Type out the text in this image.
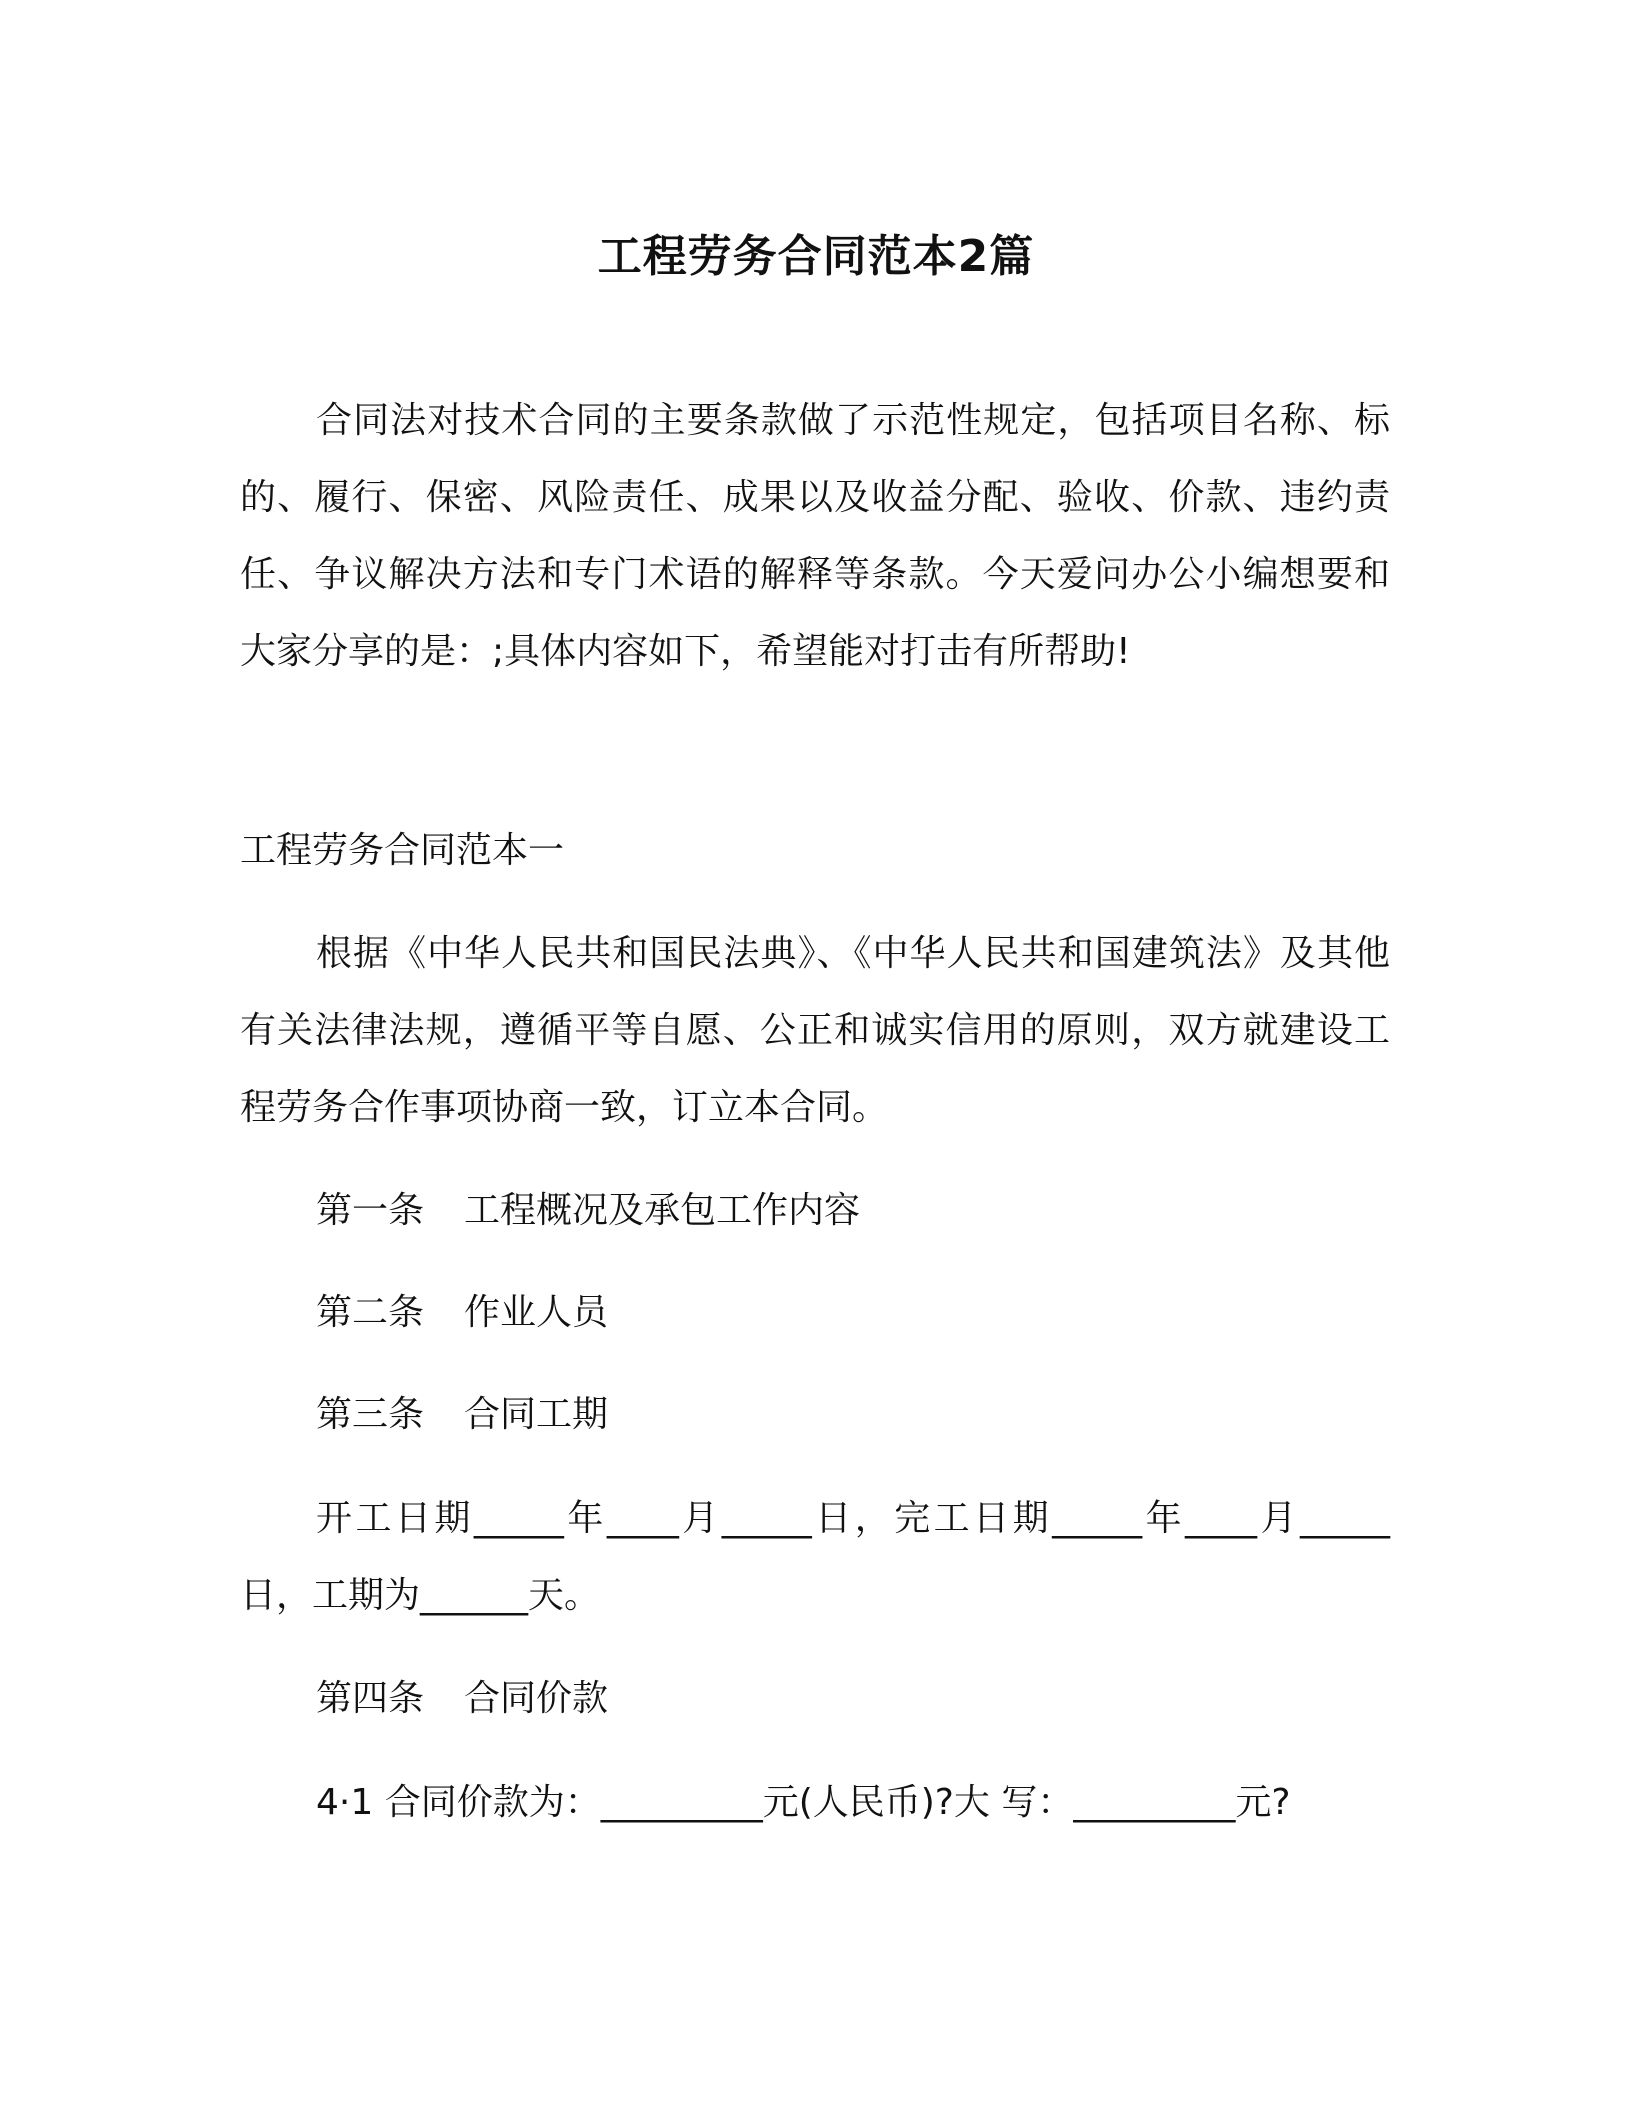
工程劳务合同范本2篇

合同法对技术合同的主要条款做了示范性规定，包括项目名称、标的、履行、保密、风险责任、成果以及收益分配、验收、价款、违约责任、争议解决方法和专门术语的解释等条款。今天爱问办公小编想要和大家分享的是：;具体内容如下，希望能对打击有所帮助!

工程劳务合同范本一

根据《中华人民共和国民法典》、《中华人民共和国建筑法》及其他有关法律法规，遵循平等自愿、公正和诚实信用的原则，双方就建设工程劳务合作事项协商一致，订立本合同。

第一条 工程概况及承包工作内容
第二条 作业人员
第三条 合同工期

开工日期_____年____月_____日，完工日期_____年____月_____日，工期为______天。

第四条 合同价款
4·1 合同价款为：_________元(人民币)?大 写：_________元?
